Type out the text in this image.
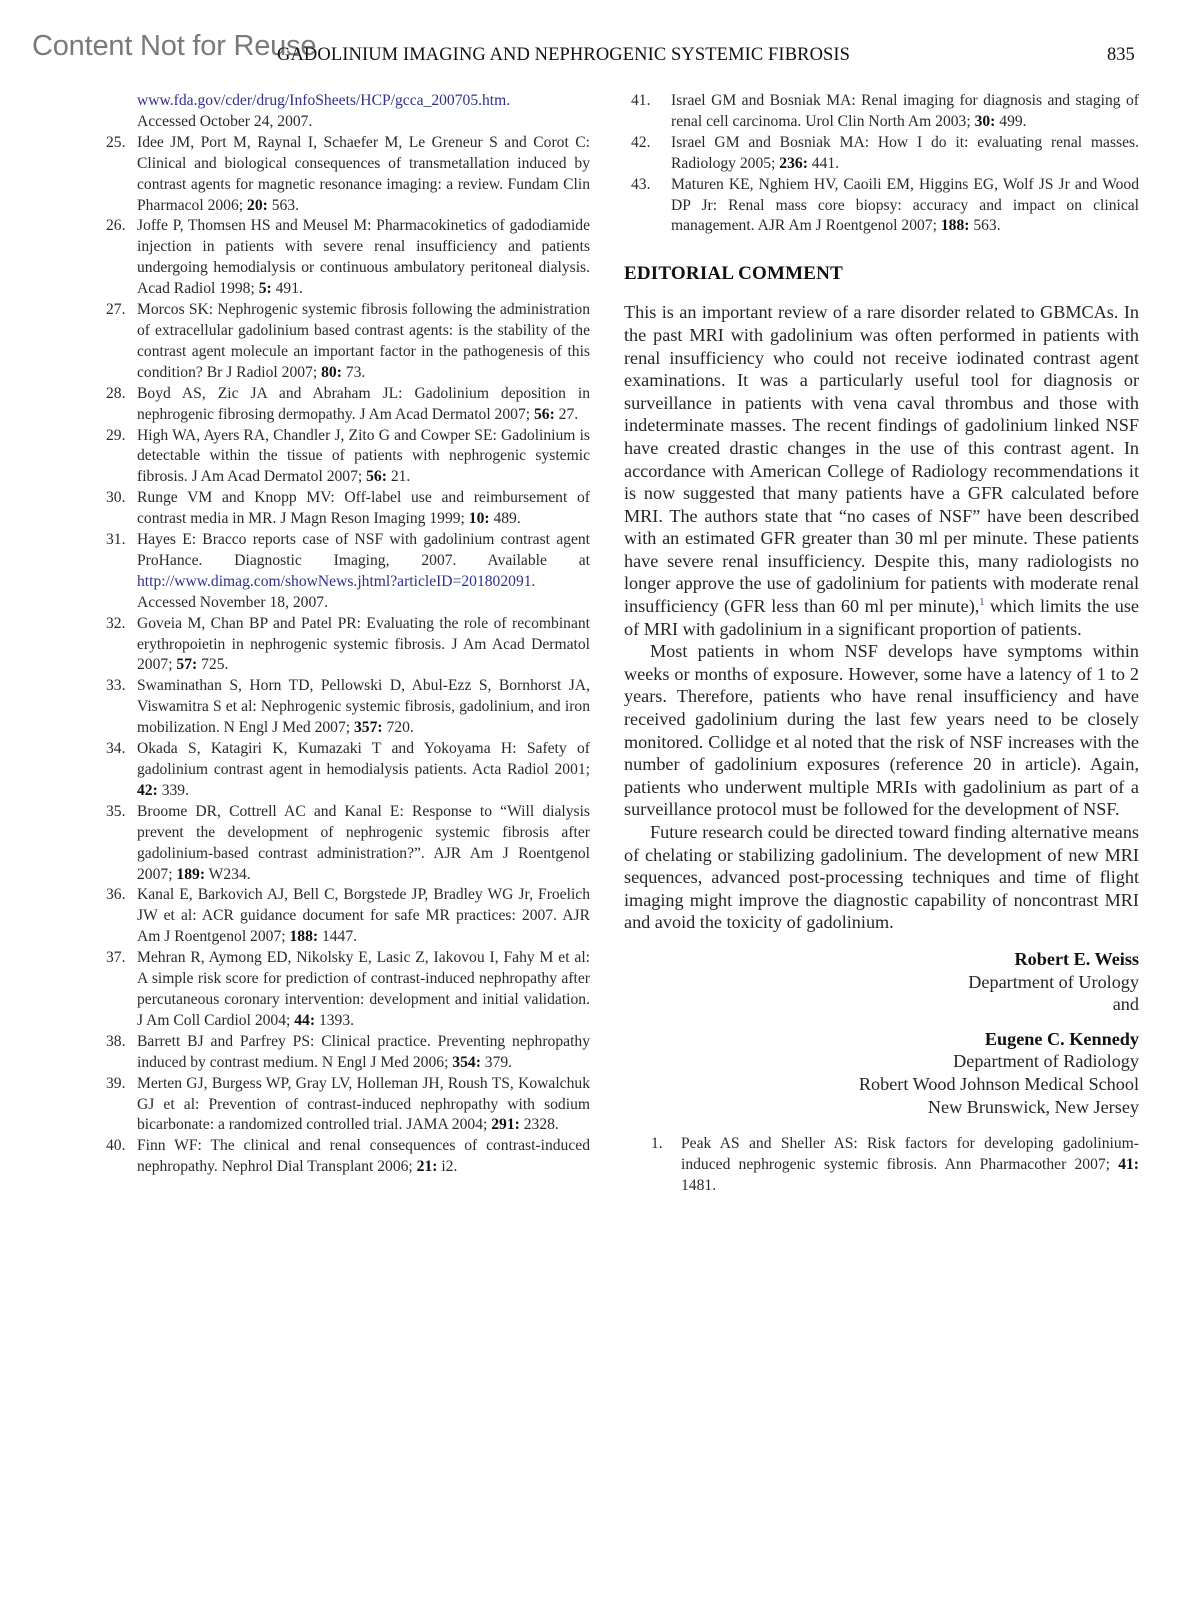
Content Not for Reuse
GADOLINIUM IMAGING AND NEPHROGENIC SYSTEMIC FIBROSIS	835
www.fda.gov/cder/drug/InfoSheets/HCP/gcca_200705.htm.
Accessed October 24, 2007.
25. Idee JM, Port M, Raynal I, Schaefer M, Le Greneur S and Corot C: Clinical and biological consequences of transmetallation induced by contrast agents for magnetic resonance imaging: a review. Fundam Clin Pharmacol 2006; 20: 563.
26. Joffe P, Thomsen HS and Meusel M: Pharmacokinetics of gadodiamide injection in patients with severe renal insufficiency and patients undergoing hemodialysis or continuous ambulatory peritoneal dialysis. Acad Radiol 1998; 5: 491.
27. Morcos SK: Nephrogenic systemic fibrosis following the administration of extracellular gadolinium based contrast agents: is the stability of the contrast agent molecule an important factor in the pathogenesis of this condition? Br J Radiol 2007; 80: 73.
28. Boyd AS, Zic JA and Abraham JL: Gadolinium deposition in nephrogenic fibrosing dermopathy. J Am Acad Dermatol 2007; 56: 27.
29. High WA, Ayers RA, Chandler J, Zito G and Cowper SE: Gadolinium is detectable within the tissue of patients with nephrogenic systemic fibrosis. J Am Acad Dermatol 2007; 56: 21.
30. Runge VM and Knopp MV: Off-label use and reimbursement of contrast media in MR. J Magn Reson Imaging 1999; 10: 489.
31. Hayes E: Bracco reports case of NSF with gadolinium contrast agent ProHance. Diagnostic Imaging, 2007. Available at http://www.dimag.com/showNews.jhtml?articleID=201802091. Accessed November 18, 2007.
32. Goveia M, Chan BP and Patel PR: Evaluating the role of recombinant erythropoietin in nephrogenic systemic fibrosis. J Am Acad Dermatol 2007; 57: 725.
33. Swaminathan S, Horn TD, Pellowski D, Abul-Ezz S, Bornhorst JA, Viswamitra S et al: Nephrogenic systemic fibrosis, gadolinium, and iron mobilization. N Engl J Med 2007; 357: 720.
34. Okada S, Katagiri K, Kumazaki T and Yokoyama H: Safety of gadolinium contrast agent in hemodialysis patients. Acta Radiol 2001; 42: 339.
35. Broome DR, Cottrell AC and Kanal E: Response to “Will dialysis prevent the development of nephrogenic systemic fibrosis after gadolinium-based contrast administration?”. AJR Am J Roentgenol 2007; 189: W234.
36. Kanal E, Barkovich AJ, Bell C, Borgstede JP, Bradley WG Jr, Froelich JW et al: ACR guidance document for safe MR practices: 2007. AJR Am J Roentgenol 2007; 188: 1447.
37. Mehran R, Aymong ED, Nikolsky E, Lasic Z, Iakovou I, Fahy M et al: A simple risk score for prediction of contrast-induced nephropathy after percutaneous coronary intervention: development and initial validation. J Am Coll Cardiol 2004; 44: 1393.
38. Barrett BJ and Parfrey PS: Clinical practice. Preventing nephropathy induced by contrast medium. N Engl J Med 2006; 354: 379.
39. Merten GJ, Burgess WP, Gray LV, Holleman JH, Roush TS, Kowalchuk GJ et al: Prevention of contrast-induced nephropathy with sodium bicarbonate: a randomized controlled trial. JAMA 2004; 291: 2328.
40. Finn WF: The clinical and renal consequences of contrast-induced nephropathy. Nephrol Dial Transplant 2006; 21: i2.
41. Israel GM and Bosniak MA: Renal imaging for diagnosis and staging of renal cell carcinoma. Urol Clin North Am 2003; 30: 499.
42. Israel GM and Bosniak MA: How I do it: evaluating renal masses. Radiology 2005; 236: 441.
43. Maturen KE, Nghiem HV, Caoili EM, Higgins EG, Wolf JS Jr and Wood DP Jr: Renal mass core biopsy: accuracy and impact on clinical management. AJR Am J Roentgenol 2007; 188: 563.
EDITORIAL COMMENT

This is an important review of a rare disorder related to GBMCAs. In the past MRI with gadolinium was often performed in patients with renal insufficiency who could not receive iodinated contrast agent examinations. It was a particularly useful tool for diagnosis or surveillance in patients with vena caval thrombus and those with indeterminate masses. The recent findings of gadolinium linked NSF have created drastic changes in the use of this contrast agent. In accordance with American College of Radiology recommendations it is now suggested that many patients have a GFR calculated before MRI. The authors state that “no cases of NSF” have been described with an estimated GFR greater than 30 ml per minute. These patients have severe renal insufficiency. Despite this, many radiologists no longer approve the use of gadolinium for patients with moderate renal insufficiency (GFR less than 60 ml per minute),$^1$ which limits the use of MRI with gadolinium in a significant proportion of patients.

Most patients in whom NSF develops have symptoms within weeks or months of exposure. However, some have a latency of 1 to 2 years. Therefore, patients who have renal insufficiency and have received gadolinium during the last few years need to be closely monitored. Collidge et al noted that the risk of NSF increases with the number of gadolinium exposures (reference 20 in article). Again, patients who underwent multiple MRIs with gadolinium as part of a surveillance protocol must be followed for the development of NSF.

Future research could be directed toward finding alternative means of chelating or stabilizing gadolinium. The development of new MRI sequences, advanced post-processing techniques and time of flight imaging might improve the diagnostic capability of noncontrast MRI and avoid the toxicity of gadolinium.

Robert E. Weiss
Department of Urology
and
Eugene C. Kennedy
Department of Radiology
Robert Wood Johnson Medical School
New Brunswick, New Jersey
1. Peak AS and Sheller AS: Risk factors for developing gadolinium-induced nephrogenic systemic fibrosis. Ann Pharmacother 2007; 41: 1481.
